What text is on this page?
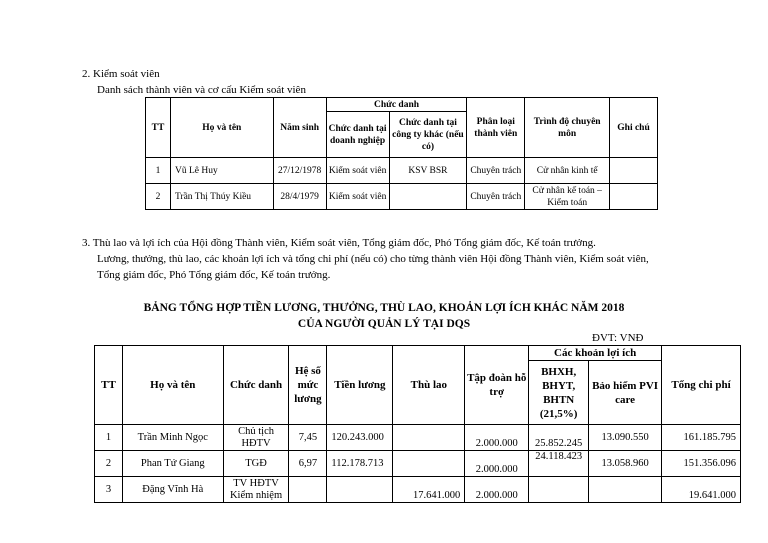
2. Kiểm soát viên
Danh sách thành viên và cơ cấu Kiểm soát viên
TT	Họ và tên	Năm sinh	Chức danh		Phân loại thành viên	Trình độ chuyên môn	Ghi chú
			Chức danh tại doanh nghiệp	Chức danh tại công ty khác (nếu có)			
1	Vũ Lê Huy	27/12/1978	Kiểm soát viên	KSV BSR	Chuyên trách	Cử nhân kinh tế	
2	Trần Thị Thúy Kiều	28/4/1979	Kiểm soát viên		Chuyên trách	Cử nhân kế toán – Kiểm toán	
3. Thù lao và lợi ích của Hội đồng Thành viên, Kiểm soát viên, Tổng giám đốc, Phó Tổng giám đốc, Kế toán trưởng.
Lương, thưởng, thù lao, các khoản lợi ích và tổng chi phí (nếu có) cho từng thành viên Hội đồng Thành viên, Kiểm soát viên,
Tổng giám đốc, Phó Tổng giám đốc, Kế toán trưởng.
BẢNG TỔNG HỢP TIỀN LƯƠNG, THƯỞNG, THÙ LAO, KHOẢN LỢI ÍCH KHÁC NĂM 2018
CỦA NGƯỜI QUẢN LÝ TẠI DQS
ĐVT: VNĐ
TT	Họ và tên	Chức danh	Hệ số mức lương	Tiền lương	Thù lao	Tập đoàn hỗ trợ	Các khoản lợi ích		Tổng chi phí
							BHXH, BHYT, BHTN (21,5%)	Bảo hiểm PVI care	
1	Trần Minh Ngọc	Chủ tịch HĐTV	7,45	120.243.000		2.000.000	25.852.245	13.090.550	161.185.795
2	Phan Tứ Giang	TGĐ	6,97	112.178.713		2.000.000	24.118.423	13.058.960	151.356.096
3	Đặng Vĩnh Hà	TV HĐTV Kiểm nhiệm			17.641.000	2.000.000			19.641.000
